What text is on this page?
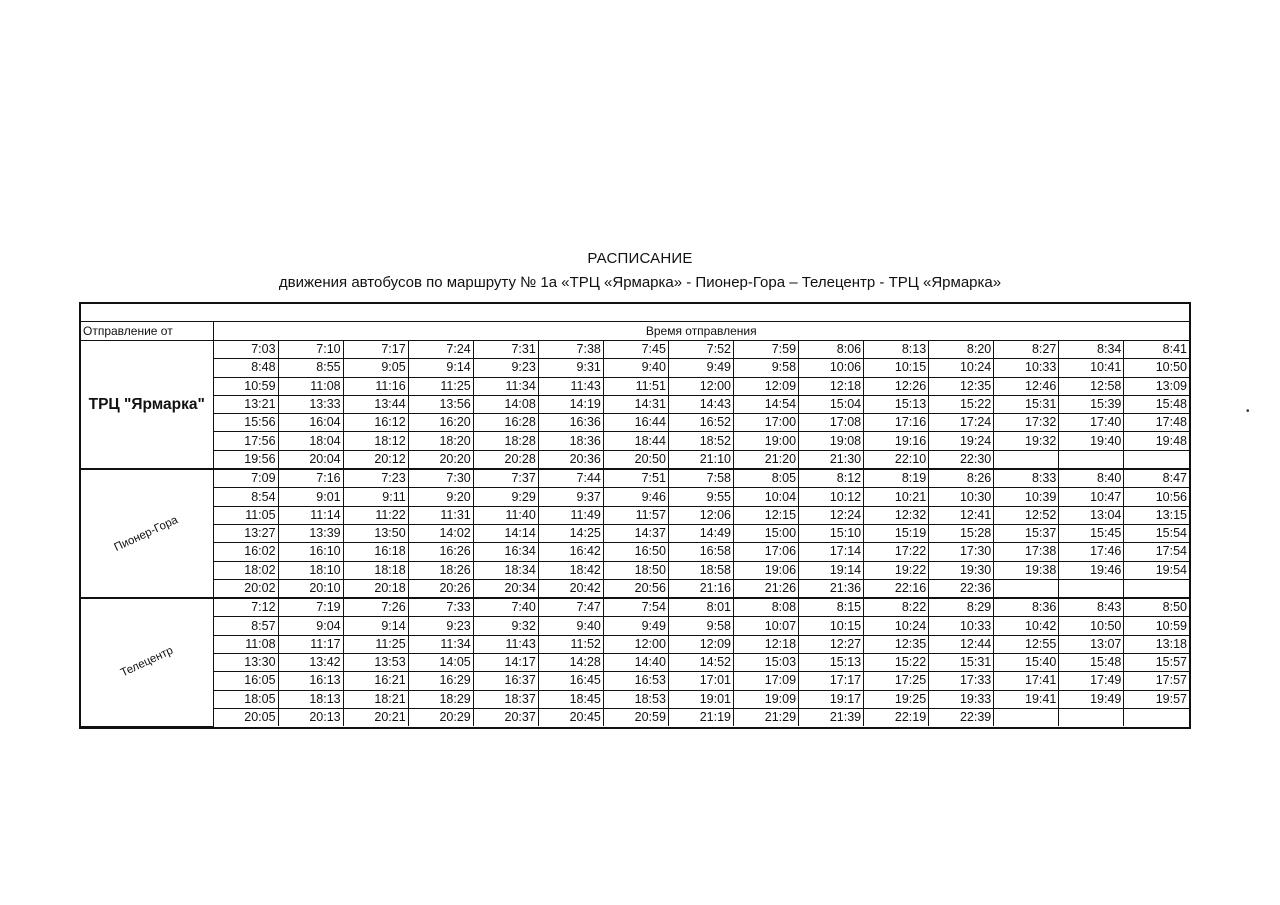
РАСПИСАНИЕ
движения автобусов по маршруту № 1а «ТРЦ «Ярмарка» - Пионер-Гора – Телецентр - ТРЦ «Ярмарка»
Отправление от	Время отправления														
ТРЦ "Ярмарка"	7:03	7:10	7:17	7:24	7:31	7:38	7:45	7:52	7:59	8:06	8:13	8:20	8:27	8:34	8:41
	8:48	8:55	9:05	9:14	9:23	9:31	9:40	9:49	9:58	10:06	10:15	10:24	10:33	10:41	10:50
	10:59	11:08	11:16	11:25	11:34	11:43	11:51	12:00	12:09	12:18	12:26	12:35	12:46	12:58	13:09
	13:21	13:33	13:44	13:56	14:08	14:19	14:31	14:43	14:54	15:04	15:13	15:22	15:31	15:39	15:48
	15:56	16:04	16:12	16:20	16:28	16:36	16:44	16:52	17:00	17:08	17:16	17:24	17:32	17:40	17:48
	17:56	18:04	18:12	18:20	18:28	18:36	18:44	18:52	19:00	19:08	19:16	19:24	19:32	19:40	19:48
	19:56	20:04	20:12	20:20	20:28	20:36	20:50	21:10	21:20	21:30	22:10	22:30			
Пионер-Гора	7:09	7:16	7:23	7:30	7:37	7:44	7:51	7:58	8:05	8:12	8:19	8:26	8:33	8:40	8:47
	8:54	9:01	9:11	9:20	9:29	9:37	9:46	9:55	10:04	10:12	10:21	10:30	10:39	10:47	10:56
	11:05	11:14	11:22	11:31	11:40	11:49	11:57	12:06	12:15	12:24	12:32	12:41	12:52	13:04	13:15
	13:27	13:39	13:50	14:02	14:14	14:25	14:37	14:49	15:00	15:10	15:19	15:28	15:37	15:45	15:54
	16:02	16:10	16:18	16:26	16:34	16:42	16:50	16:58	17:06	17:14	17:22	17:30	17:38	17:46	17:54
	18:02	18:10	18:18	18:26	18:34	18:42	18:50	18:58	19:06	19:14	19:22	19:30	19:38	19:46	19:54
	20:02	20:10	20:18	20:26	20:34	20:42	20:56	21:16	21:26	21:36	22:16	22:36			
Телецентр	7:12	7:19	7:26	7:33	7:40	7:47	7:54	8:01	8:08	8:15	8:22	8:29	8:36	8:43	8:50
	8:57	9:04	9:14	9:23	9:32	9:40	9:49	9:58	10:07	10:15	10:24	10:33	10:42	10:50	10:59
	11:08	11:17	11:25	11:34	11:43	11:52	12:00	12:09	12:18	12:27	12:35	12:44	12:55	13:07	13:18
	13:30	13:42	13:53	14:05	14:17	14:28	14:40	14:52	15:03	15:13	15:22	15:31	15:40	15:48	15:57
	16:05	16:13	16:21	16:29	16:37	16:45	16:53	17:01	17:09	17:17	17:25	17:33	17:41	17:49	17:57
	18:05	18:13	18:21	18:29	18:37	18:45	18:53	19:01	19:09	19:17	19:25	19:33	19:41	19:49	19:57
	20:05	20:13	20:21	20:29	20:37	20:45	20:59	21:19	21:29	21:39	22:19	22:39			
•
